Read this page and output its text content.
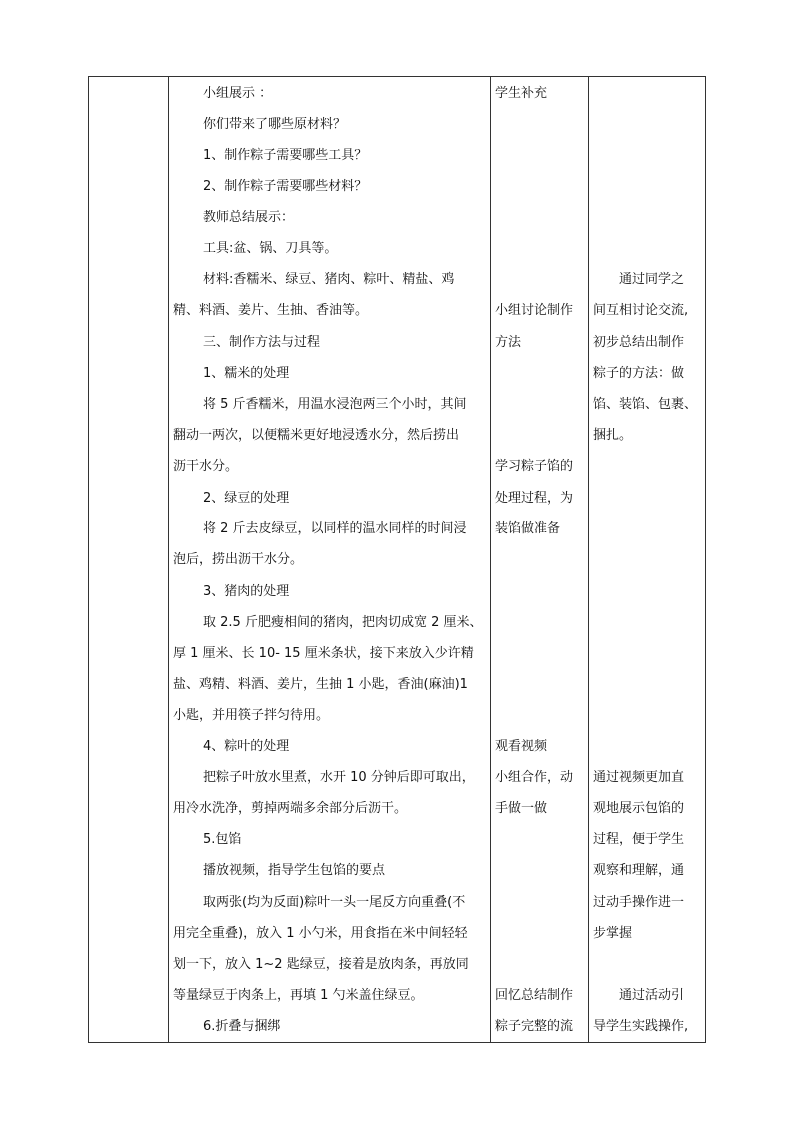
小组展示 ：
你们带来了哪些原材料？
1、制作粽子需要哪些工具？
2、制作粽子需要哪些材料？
教师总结展示：
工具:盆、锅、刀具等。
材料:香糯米、绿豆、猪肉、粽叶、精盐、鸡
精、料酒、姜片、生抽、香油等。
三、制作方法与过程
1、糯米的处理
将 5 斤香糯米，用温水浸泡两三个小时，其间
翻动一两次，以便糯米更好地浸透水分，然后捞出
沥干水分。
2、绿豆的处理
将 2 斤去皮绿豆，以同样的温水同样的时间浸
泡后，捞出沥干水分。
3、猪肉的处理
取 2.5 斤肥瘦相间的猪肉，把肉切成宽 2 厘米、
厚 1 厘米、长 10- 15 厘米条状，接下来放入少许精
盐、鸡精、料酒、姜片，生抽 1 小匙，香油(麻油)1
小匙，并用筷子拌匀待用。
4、粽叶的处理
把粽子叶放水里煮，水开 10 分钟后即可取出，
用冷水洗净，剪掉两端多余部分后沥干。
5.包馅
播放视频，指导学生包馅的要点
取两张(均为反面)粽叶一头一尾反方向重叠(不
用完全重叠)，放入 1 小勺米，用食指在米中间轻轻
划一下，放入 1~2 匙绿豆，接着是放肉条，再放同
等量绿豆于肉条上，再填 1 勺米盖住绿豆。
6.折叠与捆绑
学生补充
小组讨论制作
方法
学习粽子馅的
处理过程，为
装馅做准备
观看视频
小组合作，动
手做一做
回忆总结制作
粽子完整的流
通过同学之
间互相讨论交流,
初步总结出制作
粽子的方法：做
馅、装馅、包裹、
捆扎。
通过视频更加直
观地展示包馅的
过程，便于学生
观察和理解，通
过动手操作进一
步掌握
通过活动引
导学生实践操作,
